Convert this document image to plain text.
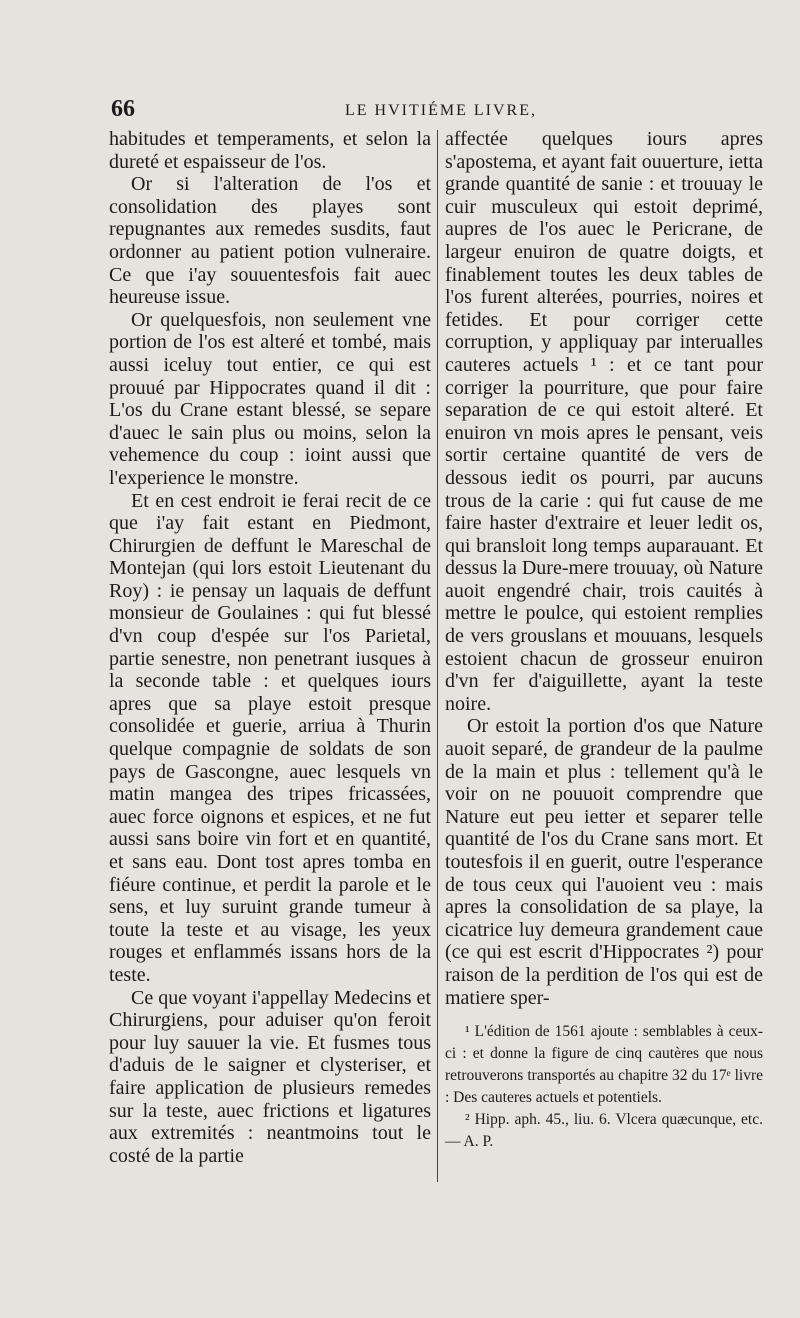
66	LE HVITIÉME LIVRE,

habitudes et temperaments, et selon la dureté et espaisseur de l'os.

Or si l'alteration de l'os et consolidation des playes sont repugnantes aux remedes susdits, faut ordonner au patient potion vulneraire. Ce que i'ay souuentesfois fait auec heureuse issue.

Or quelquesfois, non seulement vne portion de l'os est alteré et tombé, mais aussi iceluy tout entier, ce qui est prouué par Hippocrates quand il dit : L'os du Crane estant blessé, se separe d'auec le sain plus ou moins, selon la vehemence du coup : ioint aussi que l'experience le monstre.

Et en cest endroit ie ferai recit de ce que i'ay fait estant en Piedmont, Chirurgien de deffunt le Mareschal de Montejan (qui lors estoit Lieutenant du Roy) : ie pensay un laquais de deffunt monsieur de Goulaines : qui fut blessé d'vn coup d'espée sur l'os Parietal, partie senestre, non penetrant iusques à la seconde table : et quelques iours apres que sa playe estoit presque consolidée et guerie, arriua à Thurin quelque compagnie de soldats de son pays de Gascongne, auec lesquels vn matin mangea des tripes fricassées, auec force oignons et espices, et ne fut aussi sans boire vin fort et en quantité, et sans eau. Dont tost apres tomba en fiéure continue, et perdit la parole et le sens, et luy suruint grande tumeur à toute la teste et au visage, les yeux rouges et enflammés issans hors de la teste.

Ce que voyant i'appellay Medecins et Chirurgiens, pour aduiser qu'on feroit pour luy sauuer la vie. Et fusmes tous d'aduis de le saigner et clysteriser, et faire application de plusieurs remedes sur la teste, auec frictions et ligatures aux extremités : neantmoins tout le costé de la partie

affectée quelques iours apres s'apostema, et ayant fait ouuerture, ietta grande quantité de sanie : et trouuay le cuir musculeux qui estoit deprimé, aupres de l'os auec le Pericrane, de largeur enuiron de quatre doigts, et finablement toutes les deux tables de l'os furent alterées, pourries, noires et fetides. Et pour corriger cette corruption, y appliquay par interualles cauteres actuels ¹ : et ce tant pour corriger la pourriture, que pour faire separation de ce qui estoit alteré. Et enuiron vn mois apres le pensant, veis sortir certaine quantité de vers de dessous iedit os pourri, par aucuns trous de la carie : qui fut cause de me faire haster d'extraire et leuer ledit os, qui bransloit long temps auparauant. Et dessus la Dure-mere trouuay, où Nature auoit engendré chair, trois cauités à mettre le poulce, qui estoient remplies de vers grouslans et mouuans, lesquels estoient chacun de grosseur enuiron d'vn fer d'aiguillette, ayant la teste noire.

Or estoit la portion d'os que Nature auoit separé, de grandeur de la paulme de la main et plus : tellement qu'à le voir on ne pouuoit comprendre que Nature eut peu ietter et separer telle quantité de l'os du Crane sans mort. Et toutesfois il en guerit, outre l'esperance de tous ceux qui l'auoient veu : mais apres la consolidation de sa playe, la cicatrice luy demeura grandement caue (ce qui est escrit d'Hippocrates ²) pour raison de la perdition de l'os qui est de matiere sper-

¹ L'édition de 1561 ajoute : semblables à ceux-ci : et donne la figure de cinq cautères que nous retrouverons transportés au chapitre 32 du 17ᵉ livre : Des cauteres actuels et potentiels.

² Hipp. aph. 45., liu. 6. Vlcera quæcunque, etc. — A. P.
